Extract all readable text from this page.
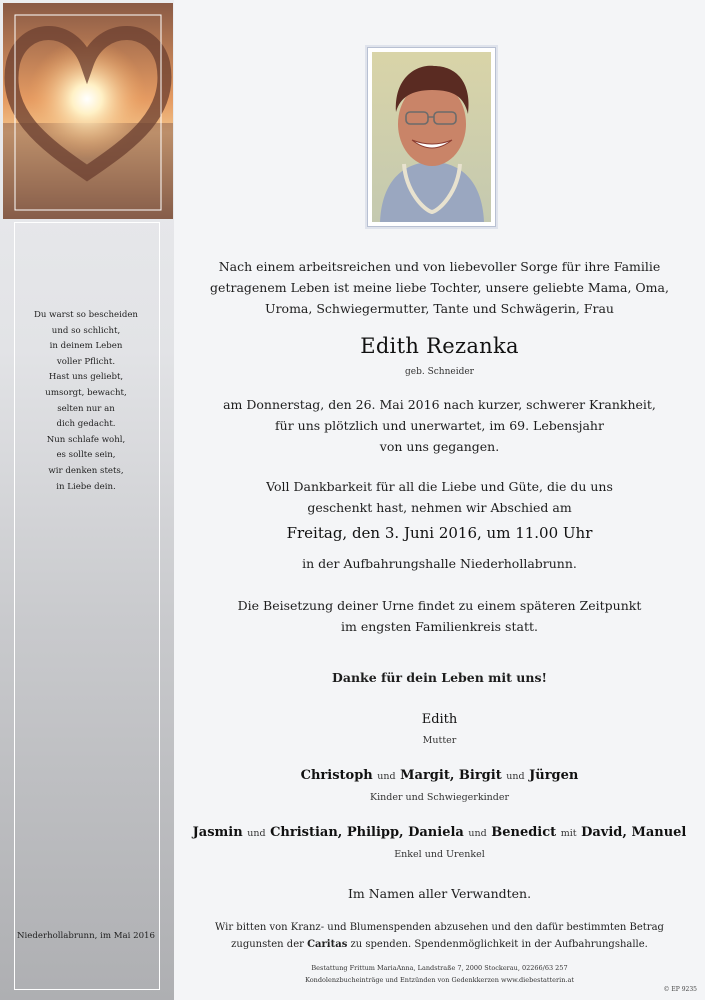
Du warst so bescheiden
und so schlicht,
in deinem Leben
voller Pflicht.
Hast uns geliebt,
umsorgt, bewacht,
selten nur an
dich gedacht.
Nun schlafe wohl,
es sollte sein,
wir denken stets,
in Liebe dein.
Niederhollabrunn, im Mai 2016
Nach einem arbeitsreichen und von liebevoller Sorge für ihre Familie
getragenem Leben ist meine liebe Tochter, unsere geliebte Mama, Oma,
Uroma, Schwiegermutter, Tante und Schwägerin, Frau
Edith Rezanka
geb. Schneider
am Donnerstag, den 26. Mai 2016 nach kurzer, schwerer Krankheit,
für uns plötzlich und unerwartet, im 69. Lebensjahr
von uns gegangen.
Voll Dankbarkeit für all die Liebe und Güte, die du uns
geschenkt hast, nehmen wir Abschied am
Freitag, den 3. Juni 2016, um 11.00 Uhr
in der Aufbahrungshalle Niederhollabrunn.
Die Beisetzung deiner Urne findet zu einem späteren Zeitpunkt
im engsten Familienkreis statt.
Danke für dein Leben mit uns!
Edith
Mutter
Christoph und Margit, Birgit und Jürgen
Kinder und Schwiegerkinder
Jasmin und Christian, Philipp, Daniela und Benedict mit David, Manuel
Enkel und Urenkel
Im Namen aller Verwandten.
Wir bitten von Kranz- und Blumenspenden abzusehen und den dafür bestimmten Betrag
zugunsten der Caritas zu spenden. Spendenmöglichkeit in der Aufbahrungshalle.
Bestattung Frittum MariaAnna, Landstraße 7, 2000 Stockerau, 02266/63 257
Kondolenzbucheinträge und Entzünden von Gedenkkerzen www.diebestatterin.at
© EP 9235
